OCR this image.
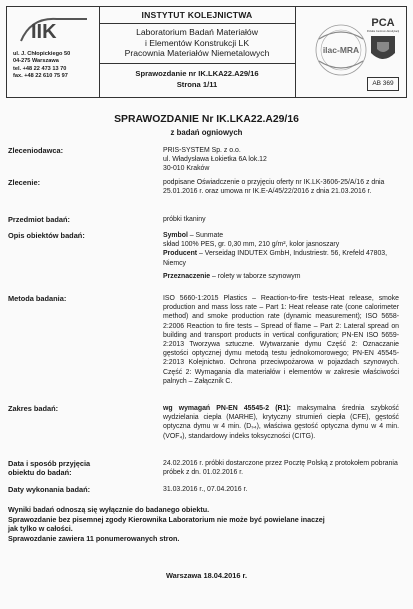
IIK
ul. J. Chłopickiego 50
04-275 Warszawa
tel. +48 22 473 13 70
fax. +48 22 610 75 97
INSTYTUT KOLEJNICTWA
Laboratorium Badań Materiałów
i Elementów Konstrukcji LK
Pracownia Materiałów Niemetalowych
Sprawozdanie nr IK.LKA22.A29/16
Strona 1/11
ilac-MRA
PCA
Polskie Centrum Akredytacji
AB 369
SPRAWOZDANIE Nr IK.LKA22.A29/16
z badań ogniowych
Zleceniodawca:	PRIS-SYSTEM Sp. z o.o.
ul. Władysława Łokietka 6A lok.12
30-010 Kraków
Zlecenie:	podpisane Oświadczenie o przyjęciu oferty nr IK.LK-3606-25/A/16 z dnia 25.01.2016 r. oraz umowa nr IK.E-A/45/22/2016 z dnia 21.03.2016 r.
Przedmiot badań:	próbki tkaniny
Opis obiektów badań:	Symbol – Sunmate
skład 100% PES, gr. 0,30 mm, 210 g/m², kolor jasnoszary
Producent – Verseidag INDUTEX GmbH, Industriestr. 56, Krefeld 47803, Niemcy
Przeznaczenie – rolety w taborze szynowym
Metoda badania:	ISO 5660-1:2015 Plastics – Reaction-to-fire tests-Heat release, smoke production and mass loss rate – Part 1: Heat release rate (cone calorimeter method) and smoke production rate (dynamic measurement); ISO 5658-2:2006 Reaction to fire tests – Spread of flame – Part 2: Lateral spread on building and transport products in vertical configuration; PN-EN ISO 5659-2:2013 Tworzywa sztuczne. Wytwarzanie dymu Część 2: Oznaczanie gęstości optycznej dymu metodą testu jednokomorowego; PN-EN 45545-2:2013 Kolejnictwo. Ochrona przeciwpożarowa w pojazdach szynowych. Część 2: Wymagania dla materiałów i elementów w zakresie właściwości palnych – Załącznik C.
Zakres badań:	wg wymagań PN-EN 45545-2 (R1): maksymalna średnia szybkość wydzielania ciepła (MARHE), krytyczny strumień ciepła (CFE), gęstość optyczna dymu w 4 min. (Dₛ₄), właściwa gęstość optyczna dymu w 4 min. (VOF₄), standardowy indeks toksyczności (CITG).
Data i sposób przyjęcia
obiektu do badań:
24.02.2016 r. próbki dostarczone przez Pocztę Polską z protokołem pobrania próbek z dn. 01.02.2016 r.
Daty wykonania badań:	31.03.2016 r., 07.04.2016 r.
Wyniki badań odnoszą się wyłącznie do badanego obiektu.
Sprawozdanie bez pisemnej zgody Kierownika Laboratorium nie może być powielane inaczej
jak tylko w całości.
Sprawozdanie zawiera 11 ponumerowanych stron.
Warszawa 18.04.2016 r.
